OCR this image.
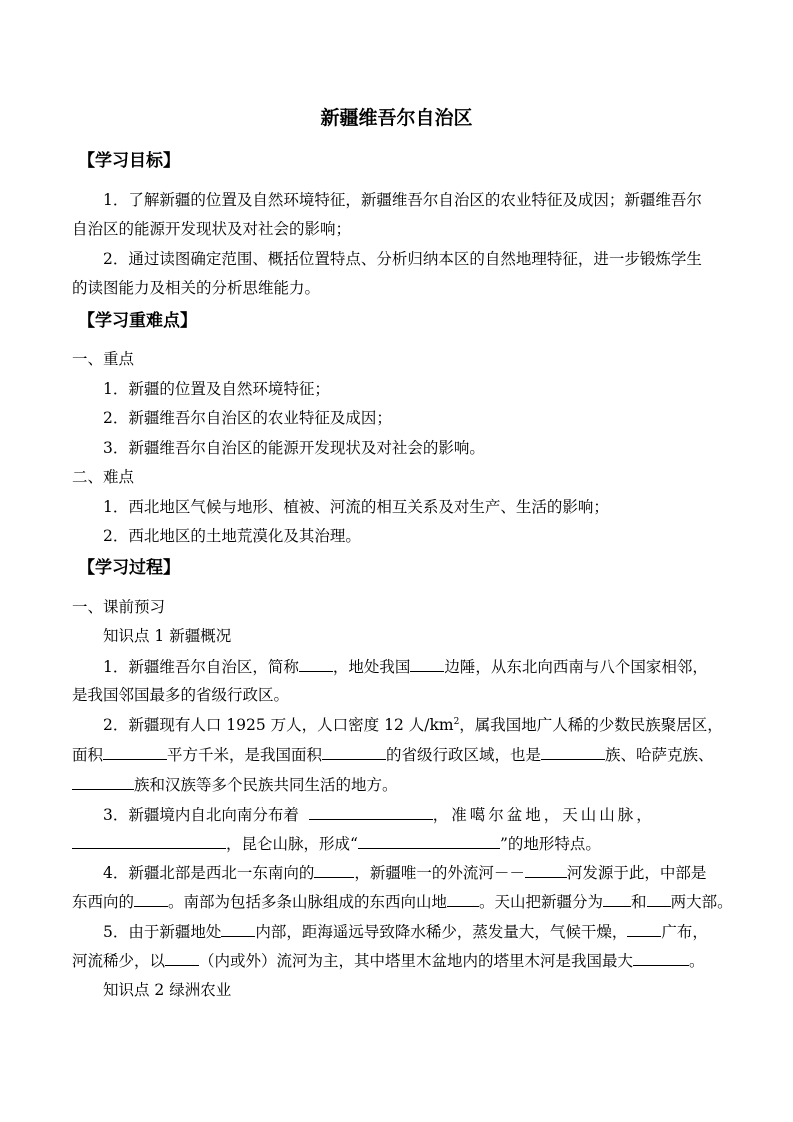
新疆维吾尔自治区
【学习目标】
1．了解新疆的位置及自然环境特征，新疆维吾尔自治区的农业特征及成因；新疆维吾尔
自治区的能源开发现状及对社会的影响；
2．通过读图确定范围、概括位置特点、分析归纳本区的自然地理特征，进一步锻炼学生
的读图能力及相关的分析思维能力。
【学习重难点】
一、重点
1．新疆的位置及自然环境特征；
2．新疆维吾尔自治区的农业特征及成因；
3．新疆维吾尔自治区的能源开发现状及对社会的影响。
二、难点
1．西北地区气候与地形、植被、河流的相互关系及对生产、生活的影响；
2．西北地区的土地荒漠化及其治理。
【学习过程】
一、课前预习
知识点 1 新疆概况
1．新疆维吾尔自治区，简称 ，地处我国 边陲，从东北向西南与八个国家相邻，
是我国邻国最多的省级行政区。
2．新疆现有人口 1925 万人，人口密度 12 人$/km^2$，属我国地广人稀的少数民族聚居区，
面积	平方千米，是我国面积	的省级行政区域，也是	族、哈萨克族、
族和汉族等多个民族共同生活的地方。
3．新疆境内自北向南分布着	，准噶尔盆地，天山山脉，
，昆仑山脉，形成“	”的地形特点。
4．新疆北部是西北一东南向的	，新疆唯一的外流河－－	河发源于此，中部是
东西向的 。南部为包括多条山脉组成的东西向山地 。天山把新疆分为 和 两大部。
5．由于新疆地处 内部，距海遥远导致降水稀少，蒸发量大，气候干燥， 广布，
河流稀少，以 （内或外）流河为主，其中塔里木盆地内的塔里木河是我国最大	。
知识点 2 绿洲农业
